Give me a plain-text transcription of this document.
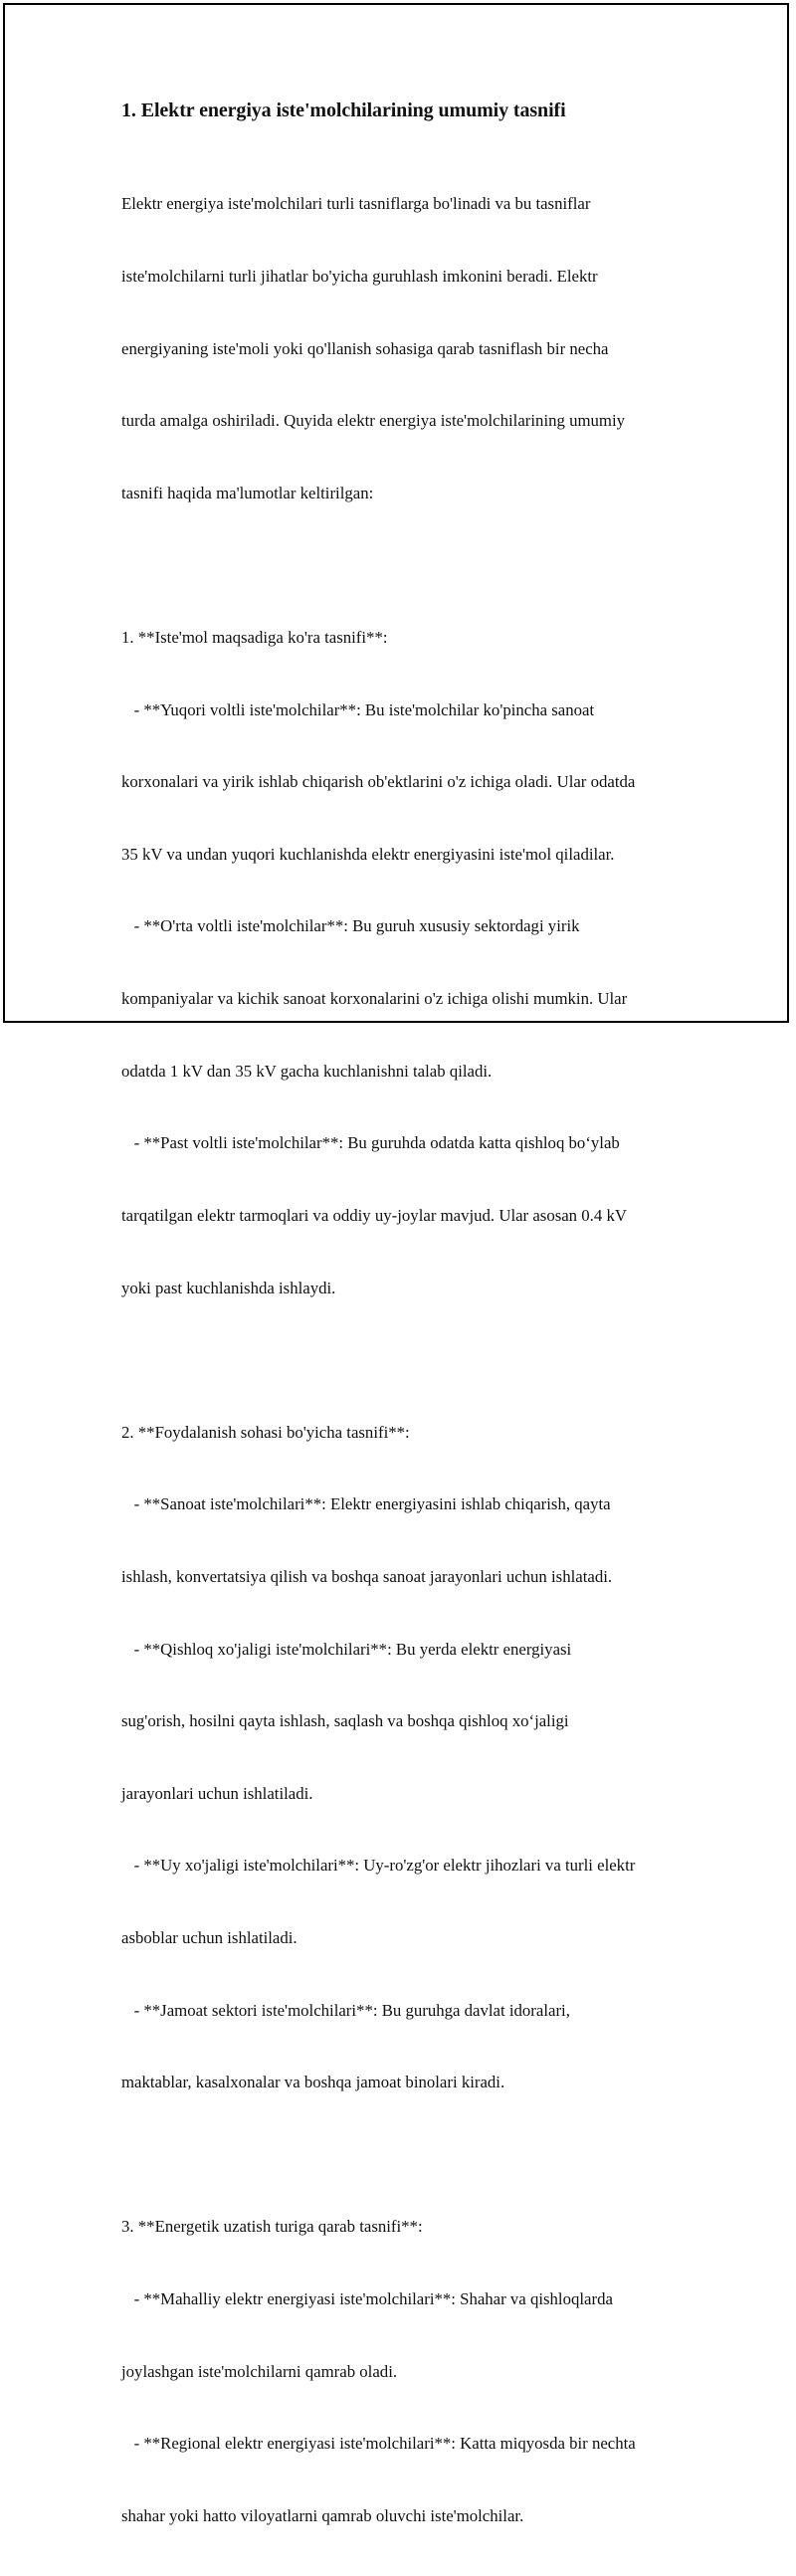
1. Elektr energiya iste'molchilarining umumiy tasnifi

Elektr energiya iste'molchilari turli tasniflarga bo'linadi va bu tasniflar

iste'molchilarni turli jihatlar bo'yicha guruhlash imkonini beradi. Elektr

energiyaning iste'moli yoki qo'llanish sohasiga qarab tasniflash bir necha

turda amalga oshiriladi. Quyida elektr energiya iste'molchilarining umumiy

tasnifi haqida ma'lumotlar keltirilgan:

1. **Iste'mol maqsadiga ko'ra tasnifi**:

- **Yuqori voltli iste'molchilar**: Bu iste'molchilar ko'pincha sanoat

korxonalari va yirik ishlab chiqarish ob'ektlarini o'z ichiga oladi. Ular odatda

35 kV va undan yuqori kuchlanishda elektr energiyasini iste'mol qiladilar.

- **O'rta voltli iste'molchilar**: Bu guruh xususiy sektordagi yirik

kompaniyalar va kichik sanoat korxonalarini o'z ichiga olishi mumkin. Ular

odatda 1 kV dan 35 kV gacha kuchlanishni talab qiladi.

- **Past voltli iste'molchilar**: Bu guruhda odatda katta qishloq bo‘ylab

tarqatilgan elektr tarmoqlari va oddiy uy-joylar mavjud. Ular asosan 0.4 kV

yoki past kuchlanishda ishlaydi.

2. **Foydalanish sohasi bo'yicha tasnifi**:

- **Sanoat iste'molchilari**: Elektr energiyasini ishlab chiqarish, qayta

ishlash, konvertatsiya qilish va boshqa sanoat jarayonlari uchun ishlatadi.

- **Qishloq xo'jaligi iste'molchilari**: Bu yerda elektr energiyasi

sug'orish, hosilni qayta ishlash, saqlash va boshqa qishloq xo‘jaligi

jarayonlari uchun ishlatiladi.

- **Uy xo'jaligi iste'molchilari**: Uy-ro'zg'or elektr jihozlari va turli elektr

asboblar uchun ishlatiladi.

- **Jamoat sektori iste'molchilari**: Bu guruhga davlat idoralari,

maktablar, kasalxonalar va boshqa jamoat binolari kiradi.

3. **Energetik uzatish turiga qarab tasnifi**:

- **Mahalliy elektr energiyasi iste'molchilari**: Shahar va qishloqlarda

joylashgan iste'molchilarni qamrab oladi.

- **Regional elektr energiyasi iste'molchilari**: Katta miqyosda bir nechta

shahar yoki hatto viloyatlarni qamrab oluvchi iste'molchilar.
